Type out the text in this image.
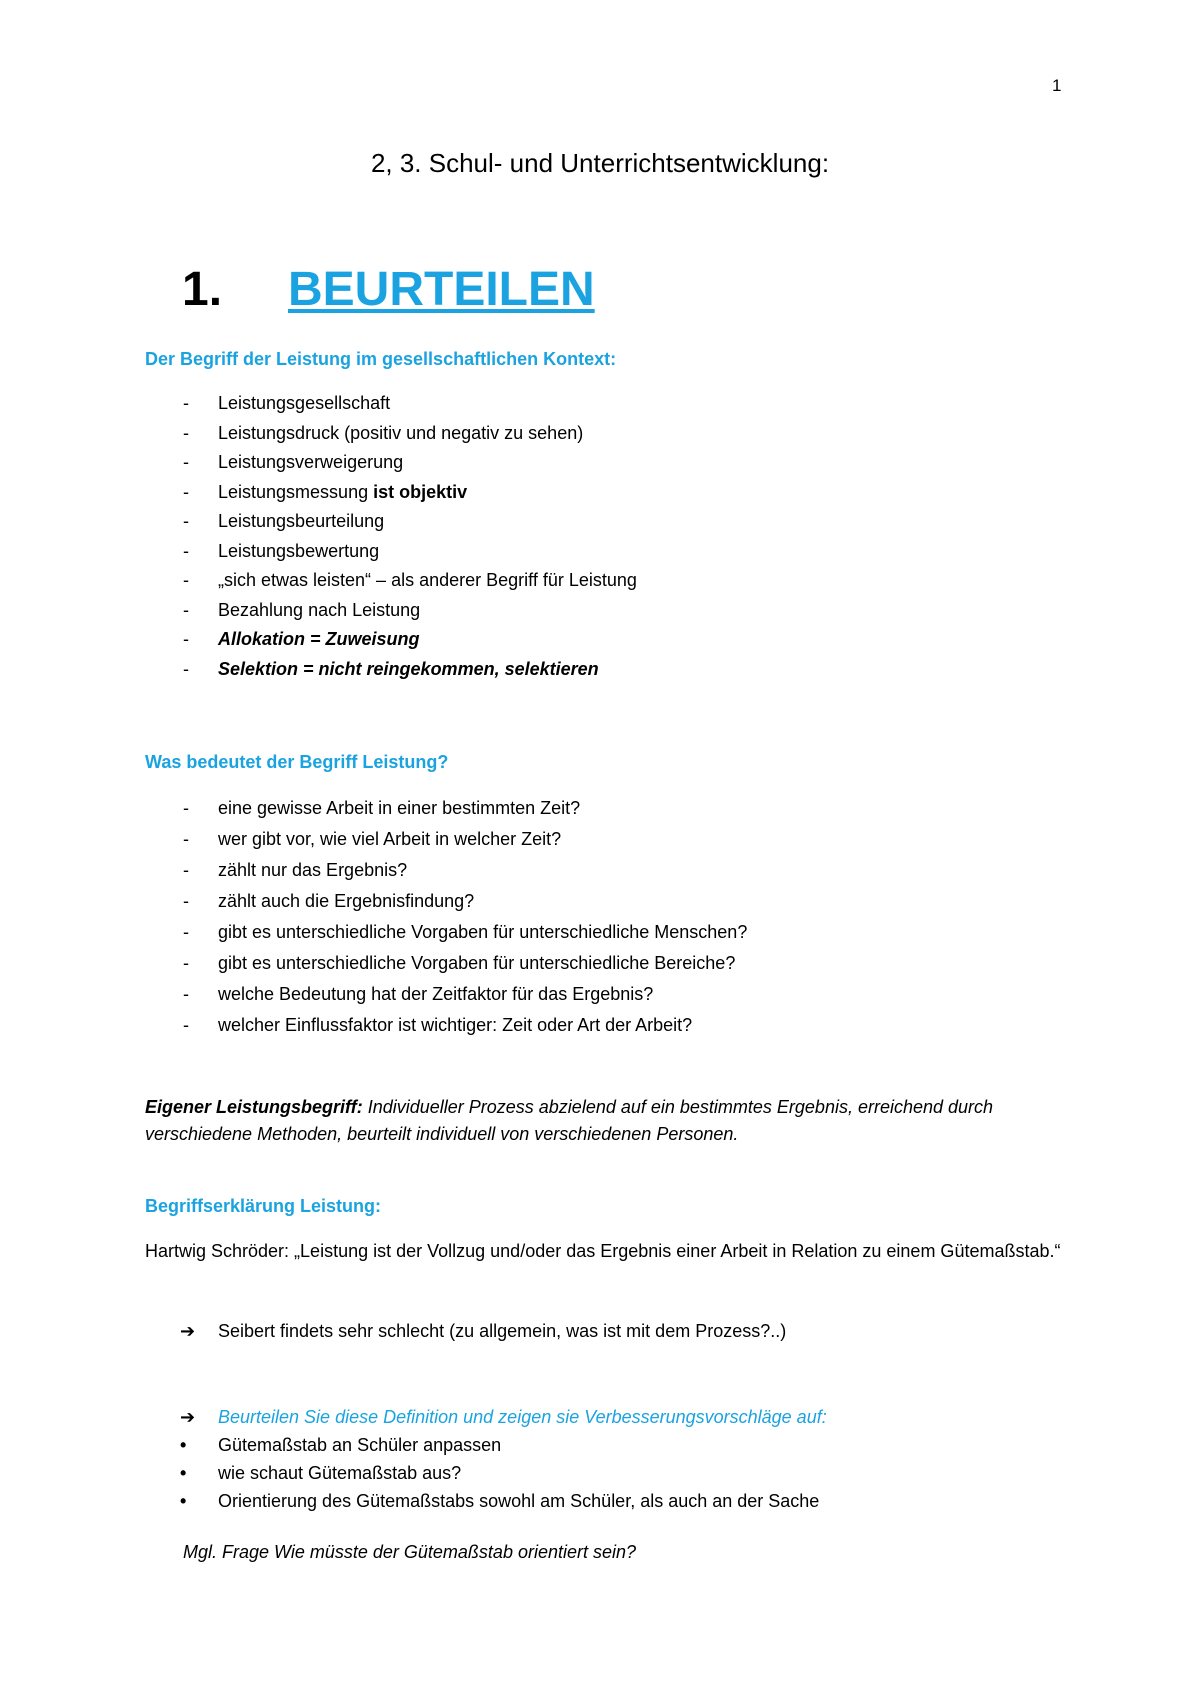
1
2, 3. Schul- und Unterrichtsentwicklung:
1. BEURTEILEN
Der Begriff der Leistung im gesellschaftlichen Kontext:
- Leistungsgesellschaft
- Leistungsdruck (positiv und negativ zu sehen)
- Leistungsverweigerung
- Leistungsmessung ist objektiv
- Leistungsbeurteilung
- Leistungsbewertung
- „sich etwas leisten“ – als anderer Begriff für Leistung
- Bezahlung nach Leistung
- Allokation = Zuweisung
- Selektion = nicht reingekommen, selektieren
Was bedeutet der Begriff Leistung?
- eine gewisse Arbeit in einer bestimmten Zeit?
- wer gibt vor, wie viel Arbeit in welcher Zeit?
- zählt nur das Ergebnis?
- zählt auch die Ergebnisfindung?
- gibt es unterschiedliche Vorgaben für unterschiedliche Menschen?
- gibt es unterschiedliche Vorgaben für unterschiedliche Bereiche?
- welche Bedeutung hat der Zeitfaktor für das Ergebnis?
- welcher Einflussfaktor ist wichtiger: Zeit oder Art der Arbeit?
Eigener Leistungsbegriff: Individueller Prozess abzielend auf ein bestimmtes Ergebnis, erreichend durch verschiedene Methoden, beurteilt individuell von verschiedenen Personen.
Begriffserklärung Leistung:
Hartwig Schröder: „Leistung ist der Vollzug und/oder das Ergebnis einer Arbeit in Relation zu einem Gütemaßstab.“
➔ Seibert findets sehr schlecht (zu allgemein, was ist mit dem Prozess?..)
➔ Beurteilen Sie diese Definition und zeigen sie Verbesserungsvorschläge auf:
• Gütemaßstab an Schüler anpassen
• wie schaut Gütemaßstab aus?
• Orientierung des Gütemaßstabs sowohl am Schüler, als auch an der Sache
Mgl. Frage Wie müsste der Gütemaßstab orientiert sein?
